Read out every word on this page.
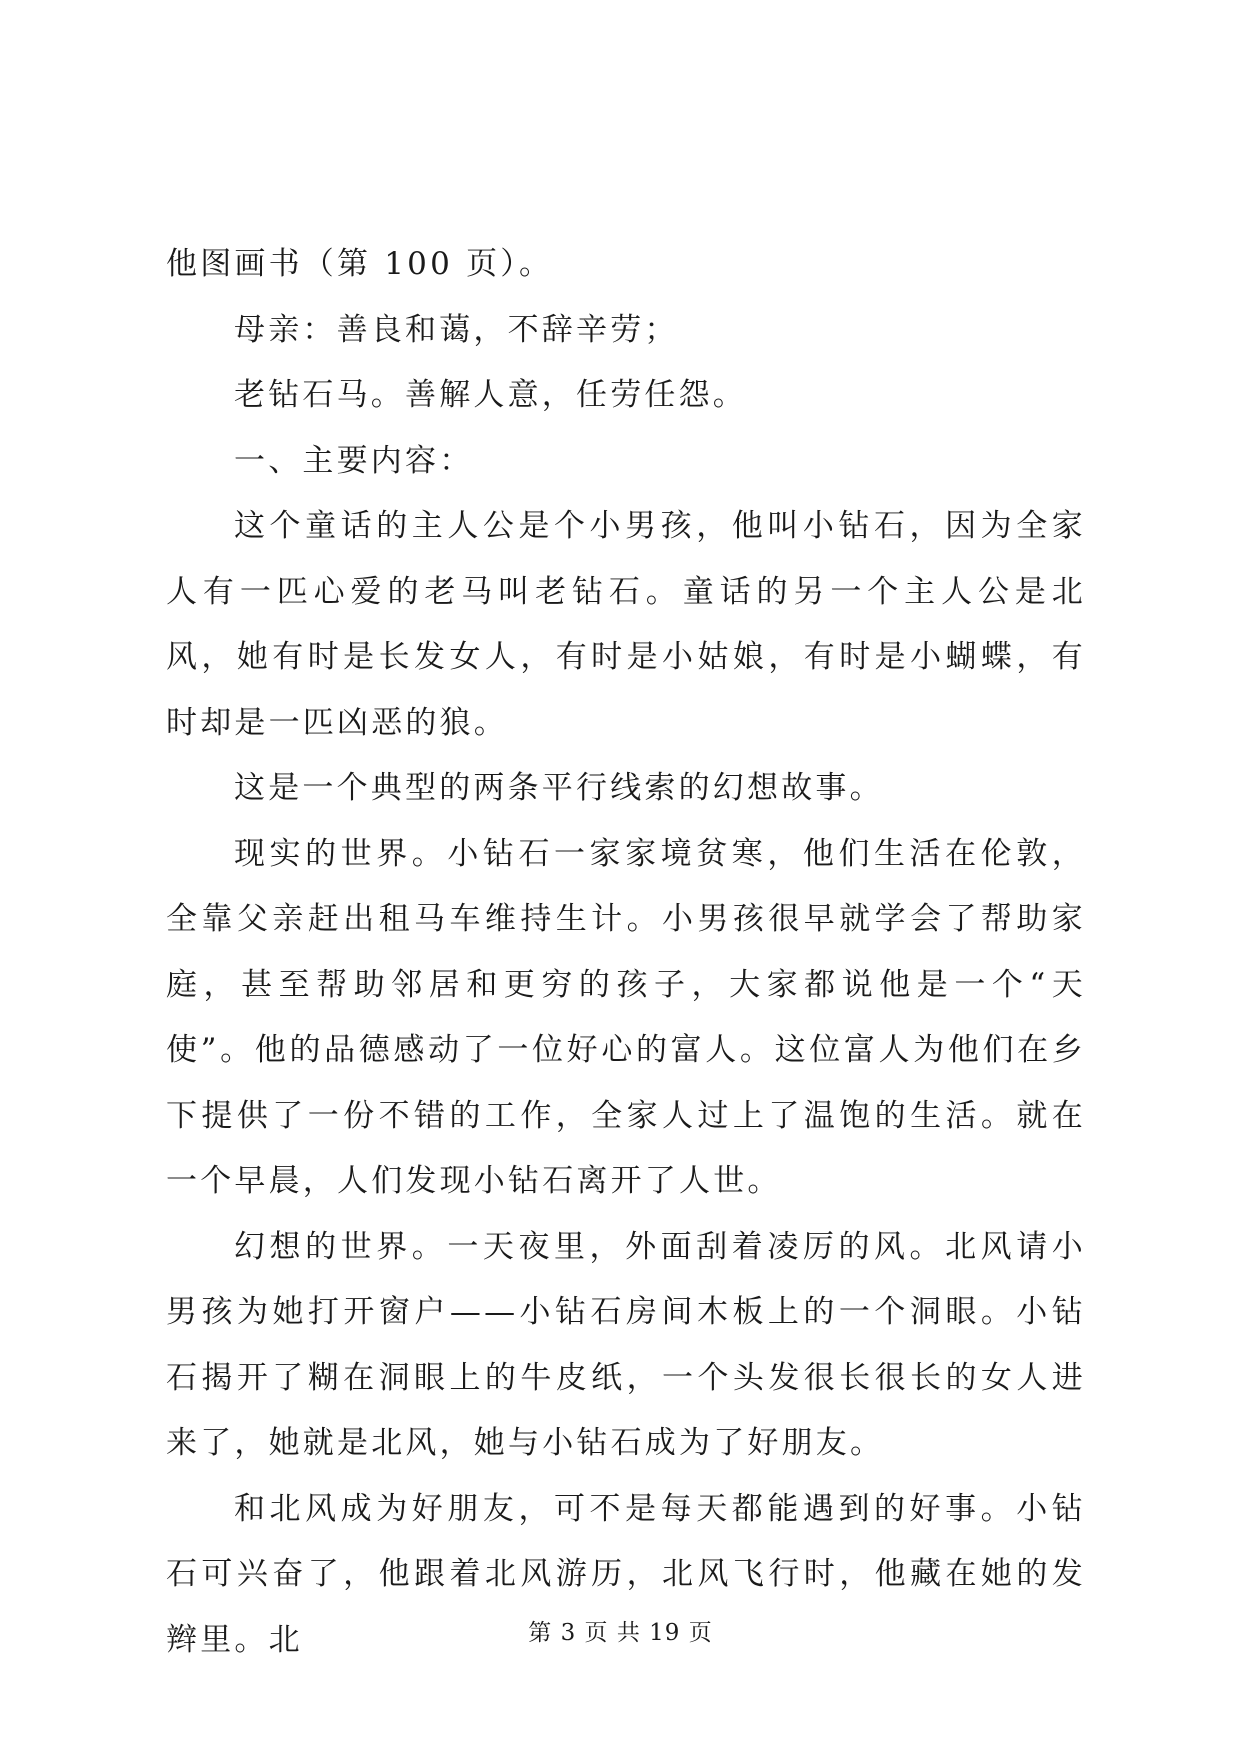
他图画书（第 100 页）。

母亲：善良和蔼，不辞辛劳；

老钻石马。善解人意，任劳任怨。

一、主要内容：

这个童话的主人公是个小男孩，他叫小钻石，因为全家人有一匹心爱的老马叫老钻石。童话的另一个主人公是北风，她有时是长发女人，有时是小姑娘，有时是小蝴蝶，有时却是一匹凶恶的狼。

这是一个典型的两条平行线索的幻想故事。

现实的世界。小钻石一家家境贫寒，他们生活在伦敦，全靠父亲赶出租马车维持生计。小男孩很早就学会了帮助家庭，甚至帮助邻居和更穷的孩子，大家都说他是一个“天使”。他的品德感动了一位好心的富人。这位富人为他们在乡下提供了一份不错的工作，全家人过上了温饱的生活。就在一个早晨，人们发现小钻石离开了人世。

幻想的世界。一天夜里，外面刮着凌厉的风。北风请小男孩为她打开窗户——小钻石房间木板上的一个洞眼。小钻石揭开了糊在洞眼上的牛皮纸，一个头发很长很长的女人进来了，她就是北风，她与小钻石成为了好朋友。

和北风成为好朋友，可不是每天都能遇到的好事。小钻石可兴奋了，他跟着北风游历，北风飞行时，他藏在她的发辫里。北	第 3 页 共 19 页
